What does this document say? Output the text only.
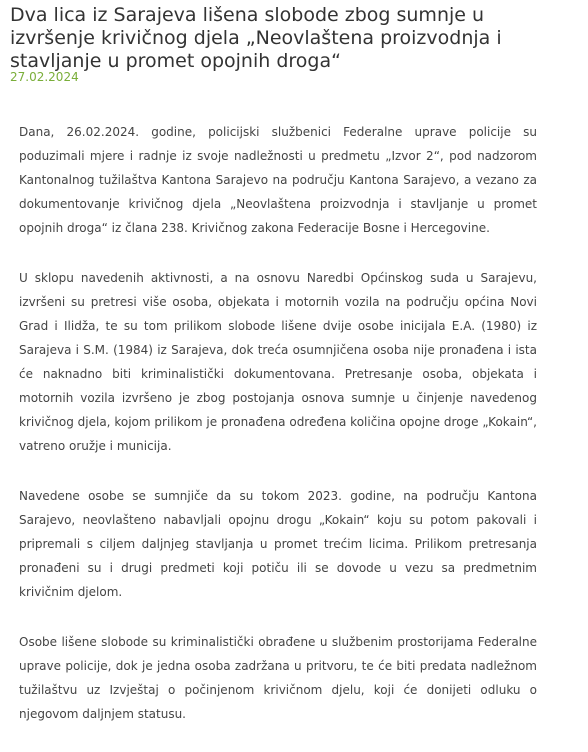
Dva lica iz Sarajeva lišena slobode zbog sumnje u izvršenje krivičnog djela „Neovlaštena proizvodnja i stavljanje u promet opojnih droga“
27.02.2024

Dana, 26.02.2024. godine, policijski službenici Federalne uprave policije su poduzimali mjere i radnje iz svoje nadležnosti u predmetu „Izvor 2“, pod nadzorom Kantonalnog tužilaštva Kantona Sarajevo na području Kantona Sarajevo, a vezano za dokumentovanje krivičnog djela „Neovlaštena proizvodnja i stavljanje u promet opojnih droga“ iz člana 238. Krivičnog zakona Federacije Bosne i Hercegovine.

U sklopu navedenih aktivnosti, a na osnovu Naredbi Općinskog suda u Sarajevu, izvršeni su pretresi više osoba, objekata i motornih vozila na području općina Novi Grad i Ilidža, te su tom prilikom slobode lišene dvije osobe inicijala E.A. (1980) iz Sarajeva i S.M. (1984) iz Sarajeva, dok treća osumnjičena osoba nije pronađena i ista će naknadno biti kriminalistički dokumentovana. Pretresanje osoba, objekata i motornih vozila izvršeno je zbog postojanja osnova sumnje u činjenje navedenog krivičnog djela, kojom prilikom je pronađena određena količina opojne droge „Kokain“, vatreno oružje i municija.

Navedene osobe se sumnjiče da su tokom 2023. godine, na području Kantona Sarajevo, neovlašteno nabavljali opojnu drogu „Kokain“ koju su potom pakovali i pripremali s ciljem daljnjeg stavljanja u promet trećim licima. Prilikom pretresanja pronađeni su i drugi predmeti koji potiču ili se dovode u vezu sa predmetnim krivičnim djelom.

Osobe lišene slobode su kriminalistički obrađene u službenim prostorijama Federalne uprave policije, dok je jedna osoba zadržana u pritvoru, te će biti predata nadležnom tužilaštvu uz Izvještaj o počinjenom krivičnom djelu, koji će donijeti odluku o njegovom daljnjem statusu.
